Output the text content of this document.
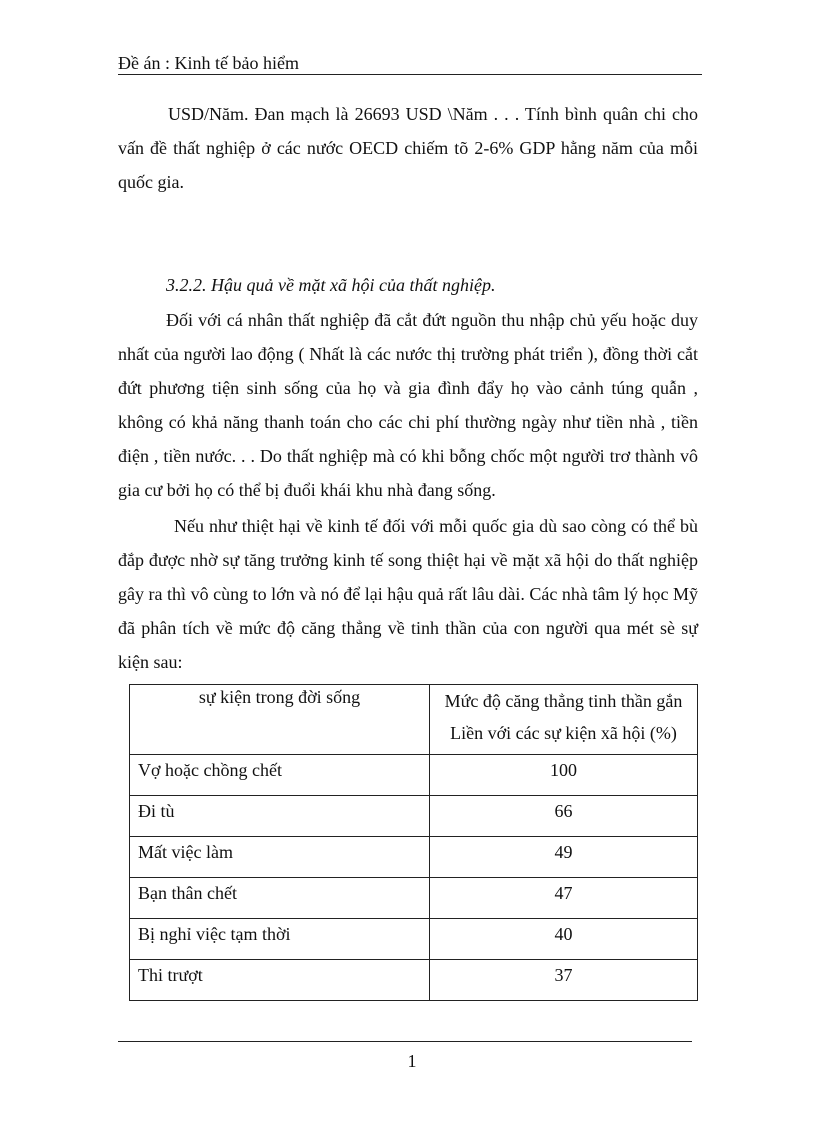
Đề án : Kinh tế bảo hiểm

USD/Năm. Đan mạch là 26693 USD \Năm . . . Tính bình quân chi cho vấn đề thất nghiệp ở các nước OECD chiếm tõ 2-6% GDP hằng năm của mỗi quốc gia.

3.2.2. Hậu quả về mặt xã hội của thất nghiệp.

Đối với cá nhân thất nghiệp đã cắt đứt nguồn thu nhập chủ yếu hoặc duy nhất của người lao động ( Nhất là các nước thị trường phát triển ), đồng thời cắt đứt phương tiện sinh sống của họ và gia đình đẩy họ vào cảnh túng quẫn , không có khả năng thanh toán cho các chi phí thường ngày như tiền nhà , tiền điện , tiền nước. . . Do thất nghiệp mà có khi bỗng chốc một người trơ thành vô gia cư bởi họ có thể bị đuổi khái khu nhà đang sống.

Nếu như thiệt hại về kinh tế đối với mỗi quốc gia dù sao còng có thể bù đắp được nhờ sự tăng trưởng kinh tế song thiệt hại về mặt xã hội do thất nghiệp gây ra thì vô cùng to lớn và nó để lại hậu quả rất lâu dài. Các nhà tâm lý học Mỹ đã phân tích về mức độ căng thẳng về tinh thần của con người qua mét sè sự kiện sau:

sự kiện trong đời sống	Mức độ căng thẳng tinh thần gắn Liền với các sự kiện xã hội (%)
Vợ hoặc chồng chết	100
Đi tù	66
Mất việc làm	49
Bạn thân chết	47
Bị nghỉ việc tạm thời	40
Thi trượt	37
1
